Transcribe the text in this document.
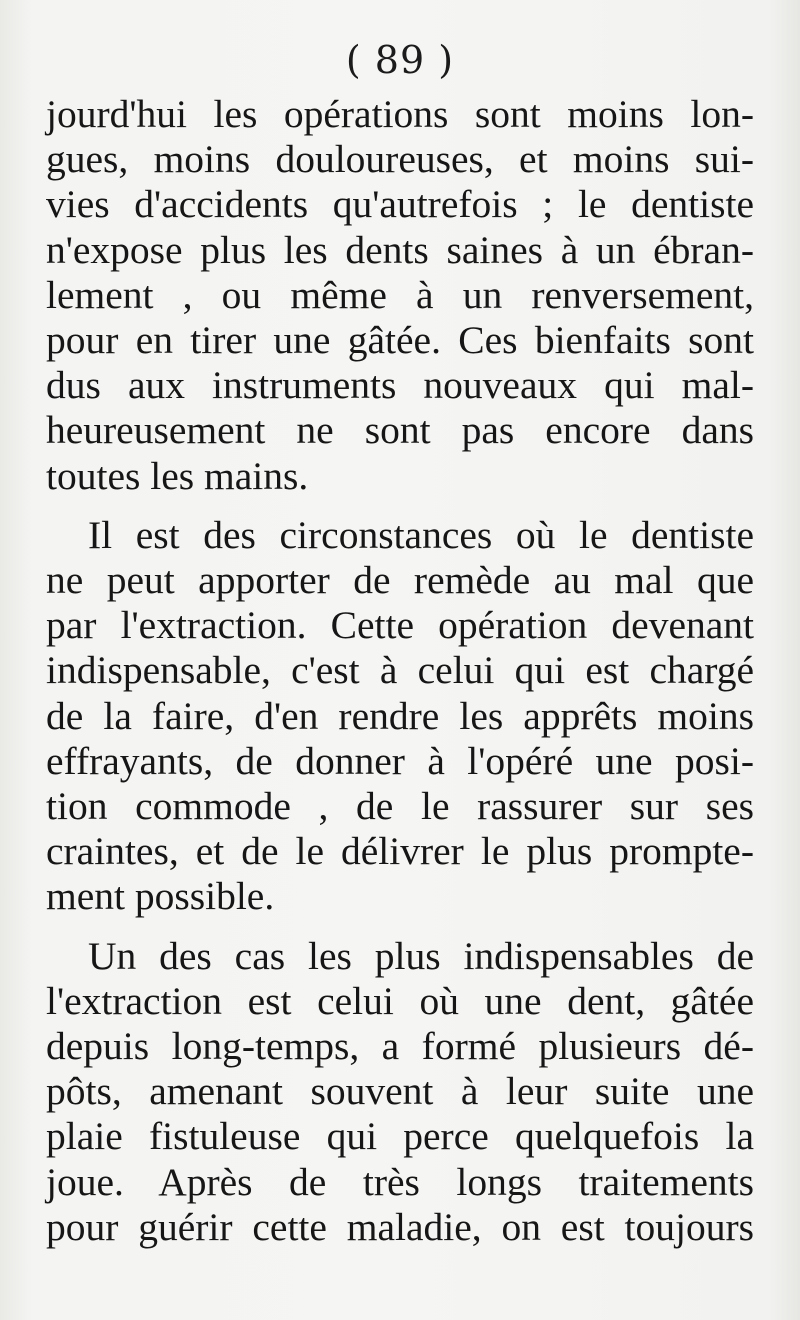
( 89 )
jourd'hui les opérations sont moins lon-
gues, moins douloureuses, et moins sui-
vies d'accidents qu'autrefois ; le dentiste
n'expose plus les dents saines à un ébran-
lement , ou même à un renversement,
pour en tirer une gâtée. Ces bienfaits sont
dus aux instruments nouveaux qui mal-
heureusement ne sont pas encore dans
toutes les mains.
Il est des circonstances où le dentiste
ne peut apporter de remède au mal que
par l'extraction. Cette opération devenant
indispensable, c'est à celui qui est chargé
de la faire, d'en rendre les apprêts moins
effrayants, de donner à l'opéré une posi-
tion commode , de le rassurer sur ses
craintes, et de le délivrer le plus prompte-
ment possible.
Un des cas les plus indispensables de
l'extraction est celui où une dent, gâtée
depuis long-temps, a formé plusieurs dé-
pôts, amenant souvent à leur suite une
plaie fistuleuse qui perce quelquefois la
joue. Après de très longs traitements
pour guérir cette maladie, on est toujours
